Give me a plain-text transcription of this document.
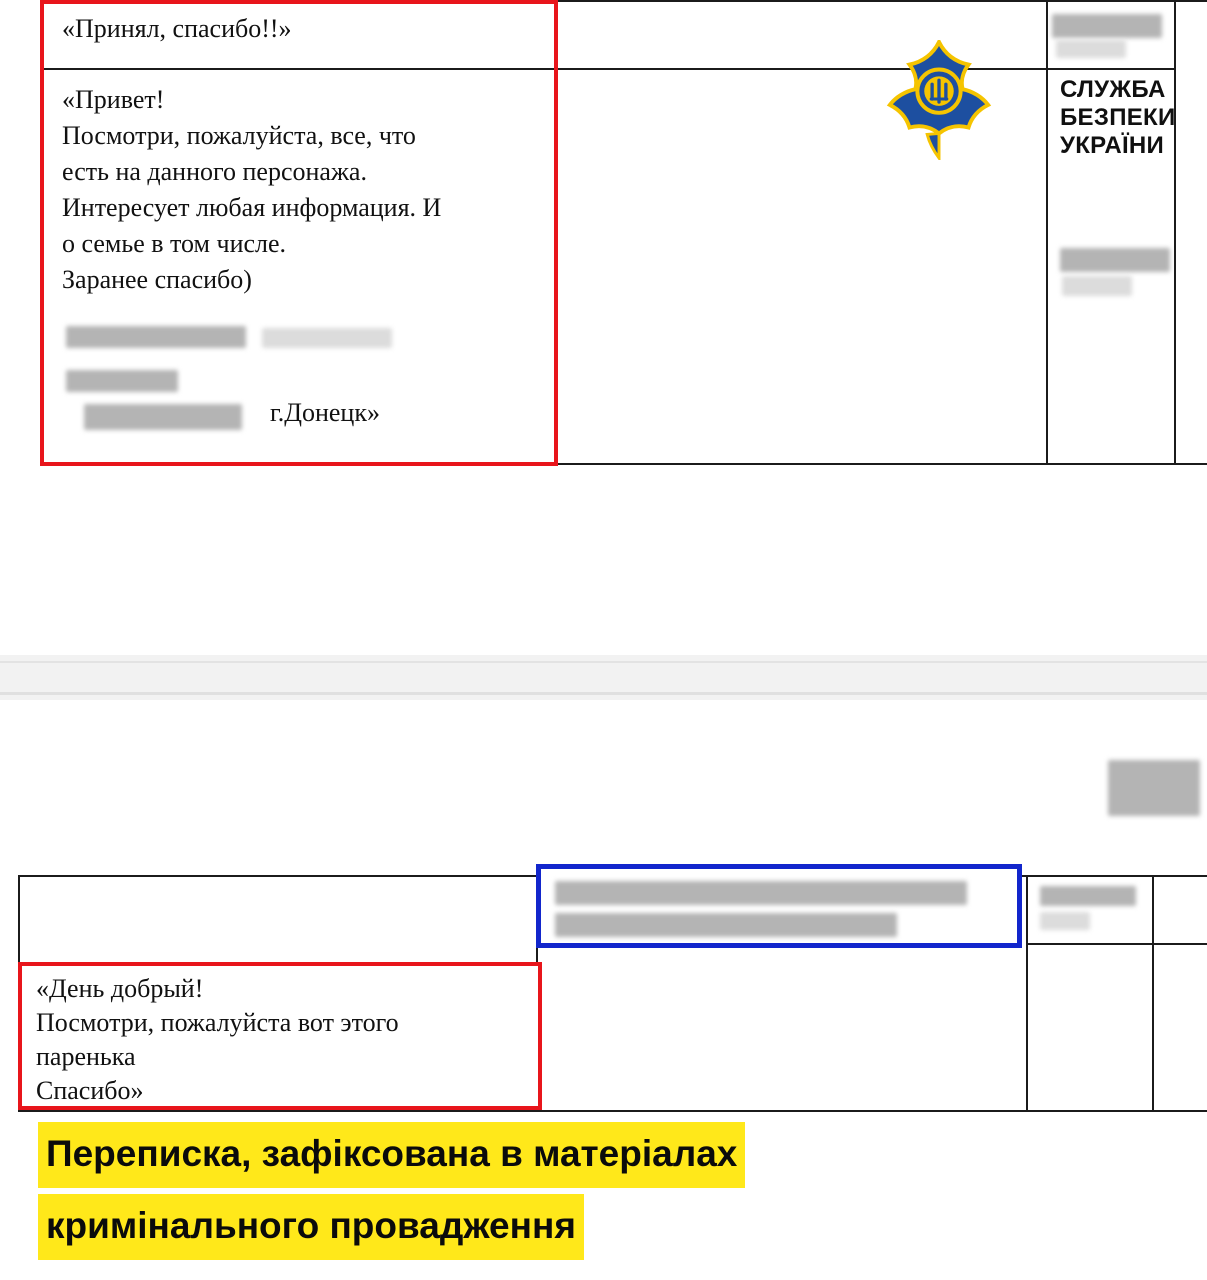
СЛУЖБА
БЕЗПЕКИ
УКРАЇНИ
«Принял, спасибо!!»
«Привет!
Посмотри, пожалуйста, все, что
есть на данного персонажа.
Интересует любая информация. И
о семье в том числе.
Заранее спасибо)
г.Донецк»
«День добрый!
Посмотри, пожалуйста вот этого
паренька
Спасибо»
Переписка, зафіксована в матеріалах
кримінального провадження
